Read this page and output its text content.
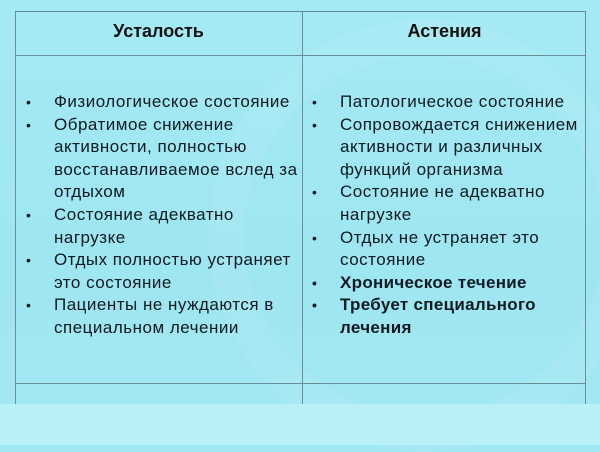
Усталость	Астения
• Физиологическое состояние
• Обратимое снижение активности, полностью восстанавливаемое вслед за отдыхом
• Состояние адекватно нагрузке
• Отдых полностью устраняет это состояние
• Пациенты не нуждаются в специальном лечении
• Патологическое состояние
• Сопровождается снижением активности и различных функций организма
• Состояние не адекватно нагрузке
• Отдых не устраняет это состояние
• Хроническое течение
• Требует специального лечения
